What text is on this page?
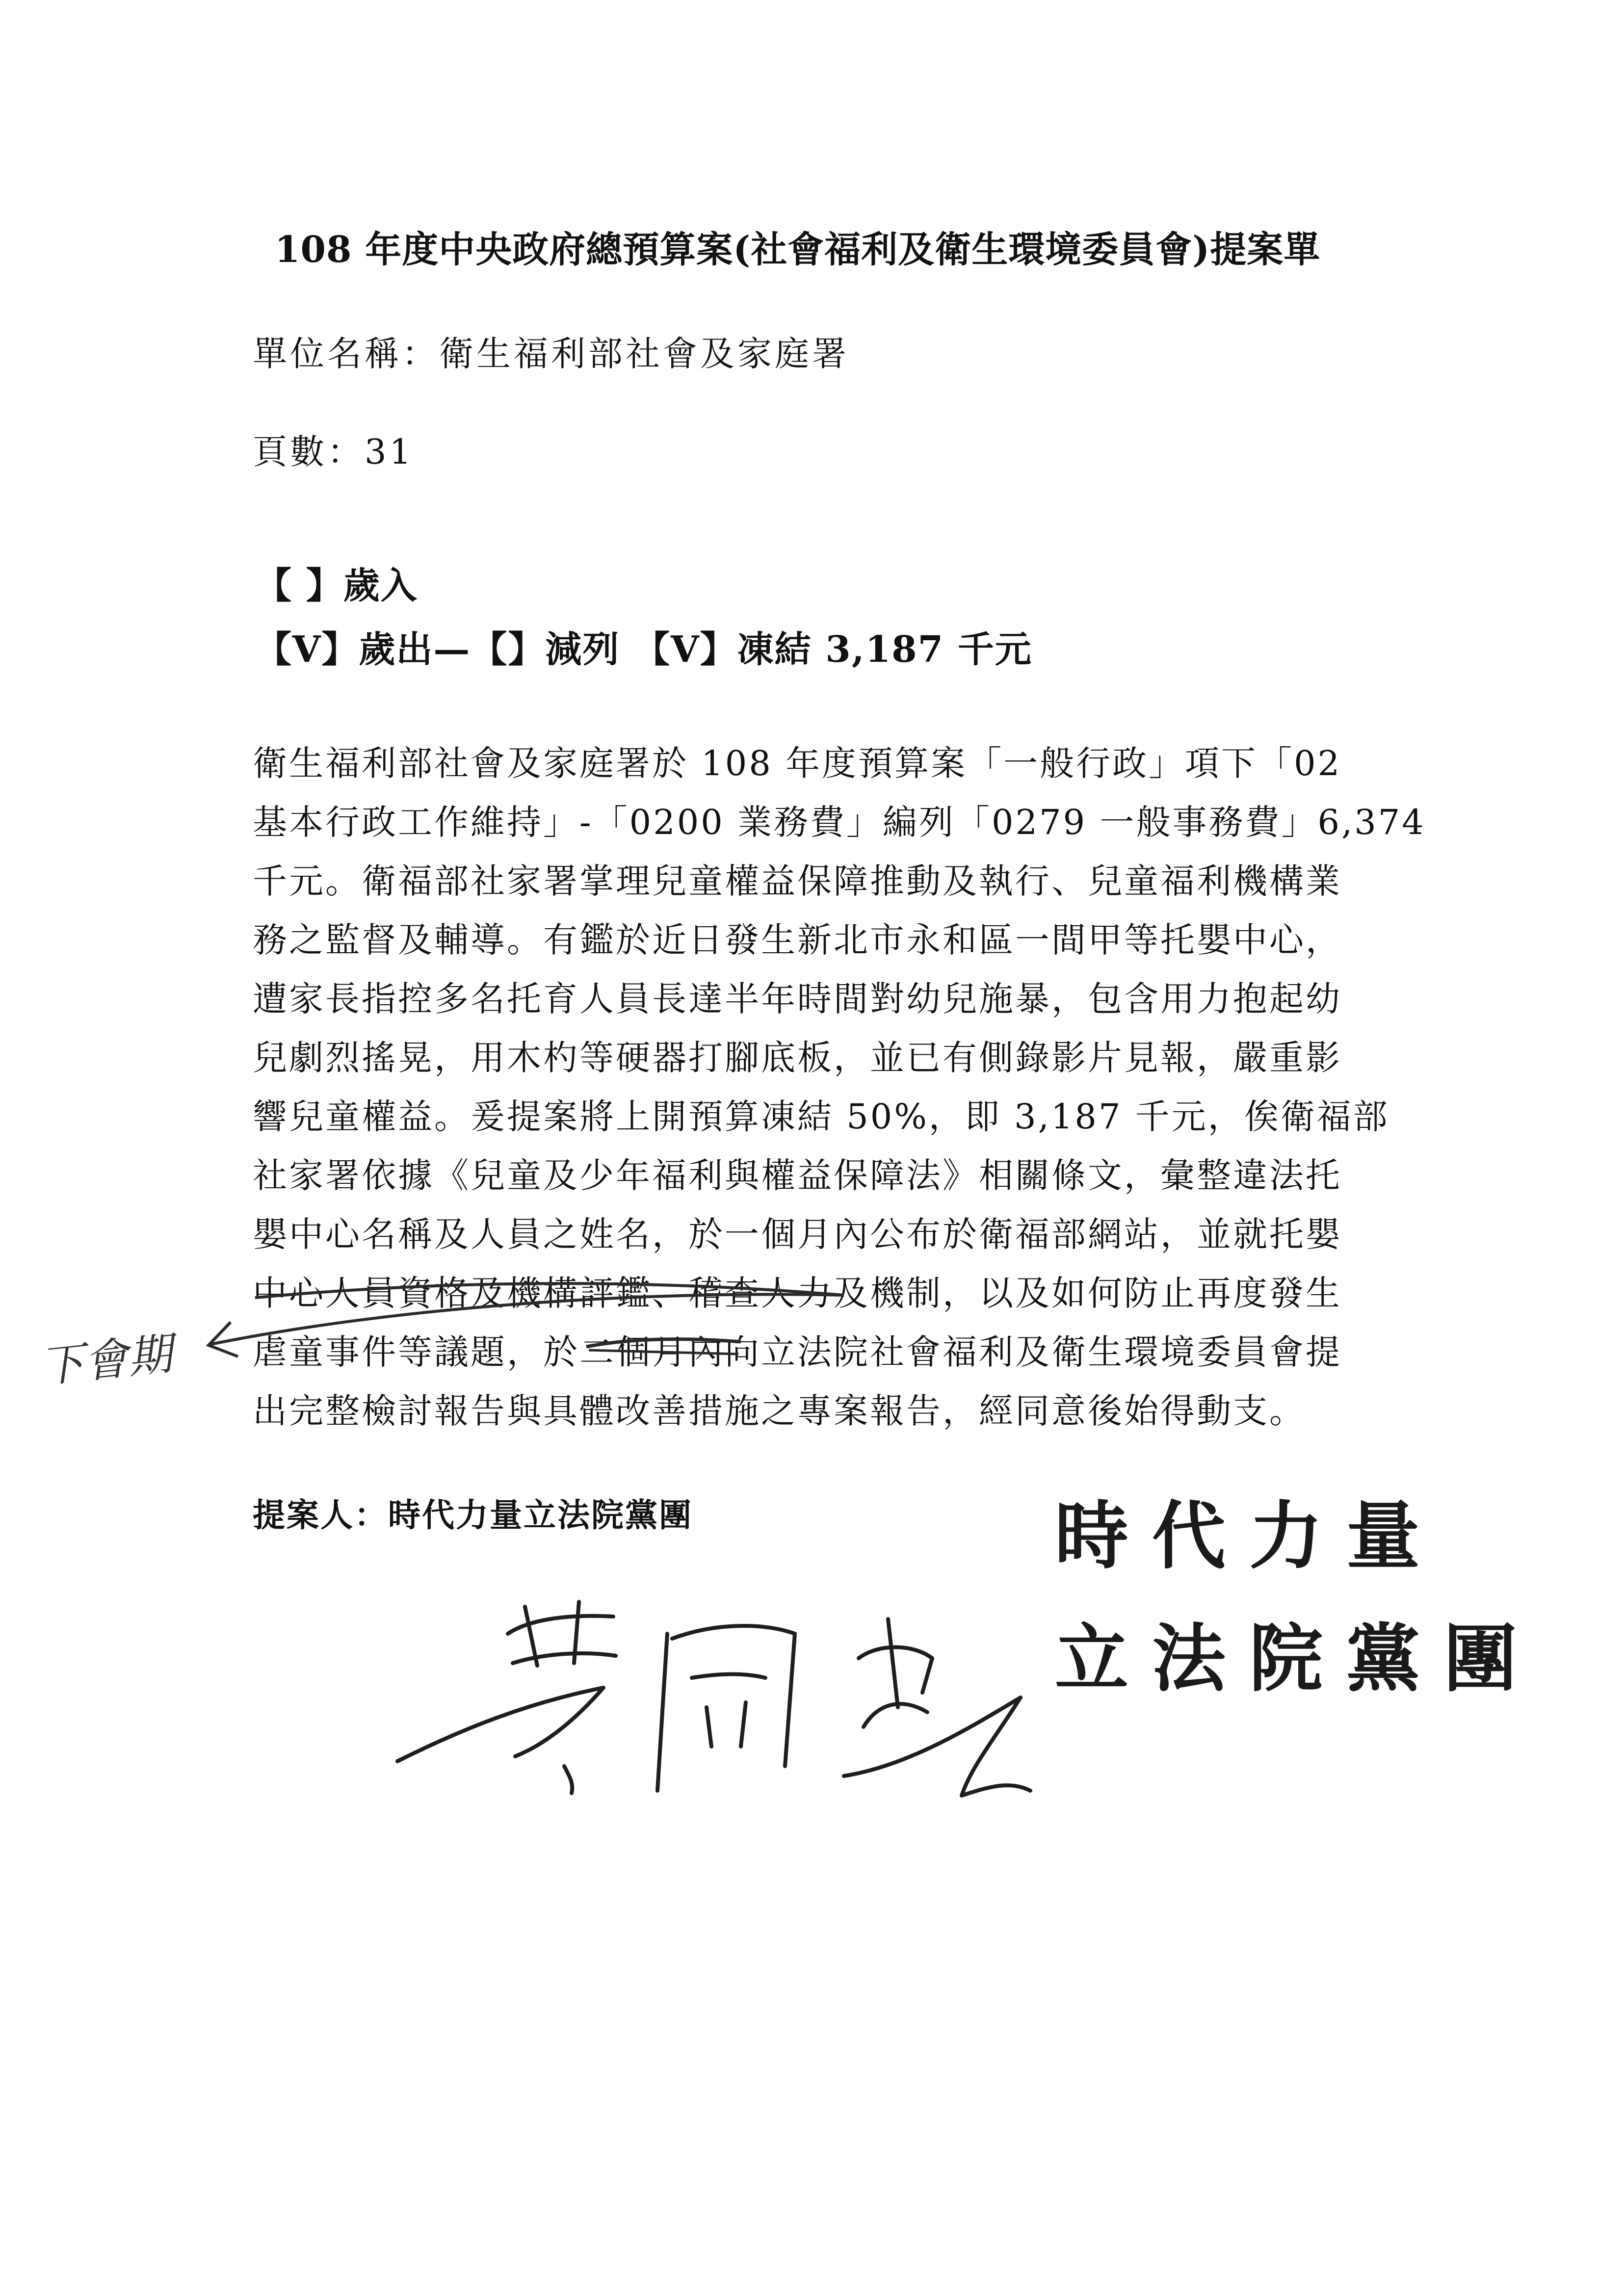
108 年度中央政府總預算案(社會福利及衛生環境委員會)提案單

單位名稱：衛生福利部社會及家庭署

頁數：31

【 】歲入

【V】歲出—【】減列 【V】凍結 3,187 千元

衛生福利部社會及家庭署於 108 年度預算案「一般行政」項下「02

基本行政工作維持」-「0200 業務費」編列「0279 一般事務費」6,374

千元。衛福部社家署掌理兒童權益保障推動及執行、兒童福利機構業

務之監督及輔導。有鑑於近日發生新北市永和區一間甲等托嬰中心，

遭家長指控多名托育人員長達半年時間對幼兒施暴，包含用力抱起幼

兒劇烈搖晃，用木杓等硬器打腳底板，並已有側錄影片見報，嚴重影

響兒童權益。爰提案將上開預算凍結 50%，即 3,187 千元，俟衛福部

社家署依據《兒童及少年福利與權益保障法》相關條文，彙整違法托

嬰中心名稱及人員之姓名，於一個月內公布於衛福部網站，並就托嬰

中心人員資格及機構評鑑、稽查人力及機制，以及如何防止再度發生

虐童事件等議題，於二個月內向立法院社會福利及衛生環境委員會提

出完整檢討報告與具體改善措施之專案報告，經同意後始得動支。

下會期

提案人：時代力量立法院黨團	時代力量
立法院黨團
